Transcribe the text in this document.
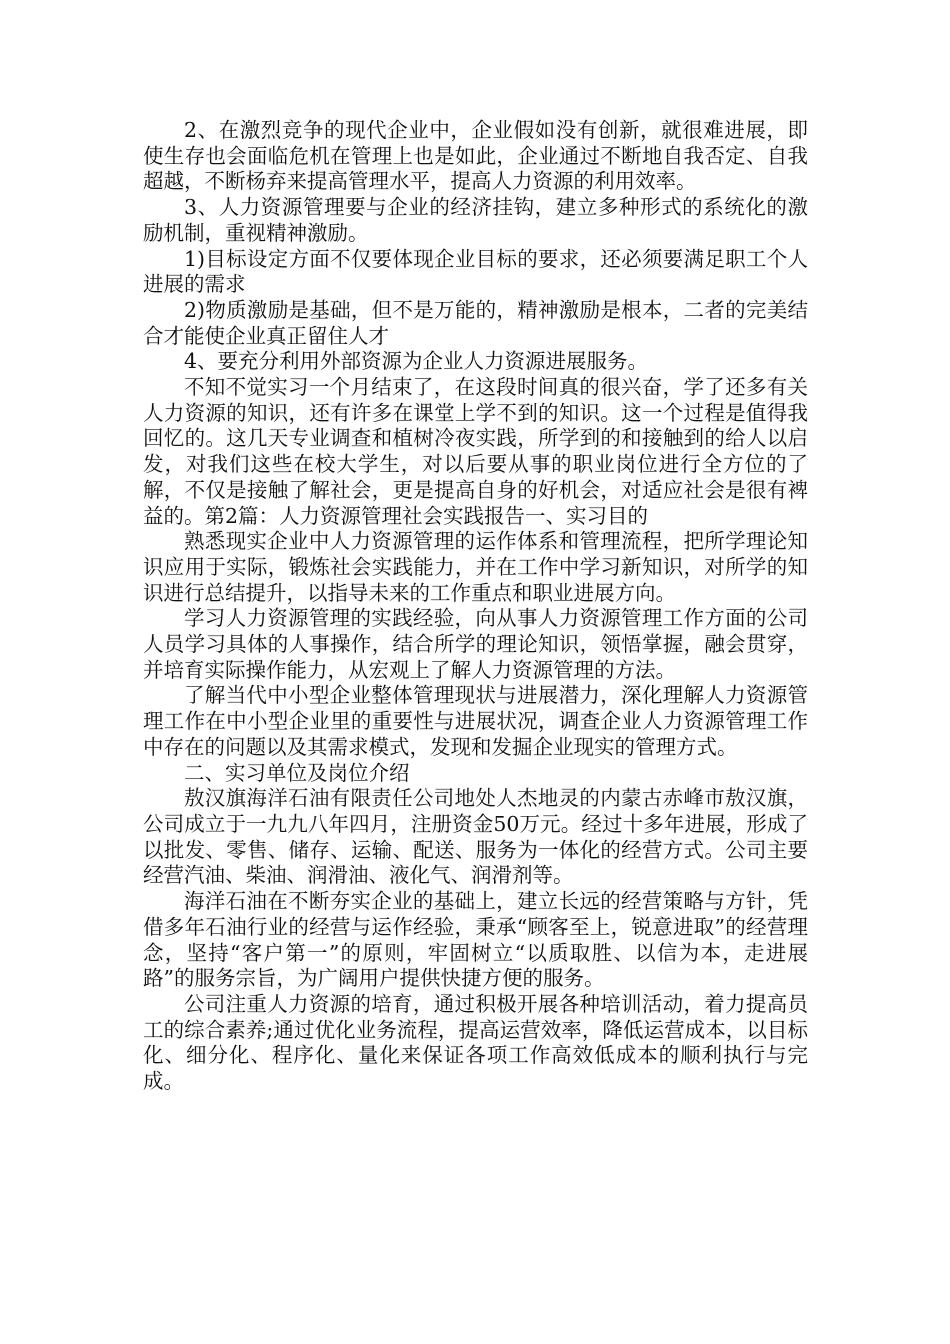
2、在激烈竞争的现代企业中，企业假如没有创新，就很难进展，即使生存也会面临危机在管理上也是如此，企业通过不断地自我否定、自我超越，不断杨弃来提高管理水平，提高人力资源的利用效率。

3、人力资源管理要与企业的经济挂钩，建立多种形式的系统化的激励机制，重视精神激励。

1)目标设定方面不仅要体现企业目标的要求，还必须要满足职工个人进展的需求

2)物质激励是基础，但不是万能的，精神激励是根本，二者的完美结合才能使企业真正留住人才

4、要充分利用外部资源为企业人力资源进展服务。

不知不觉实习一个月结束了，在这段时间真的很兴奋，学了还多有关人力资源的知识，还有许多在课堂上学不到的知识。这一个过程是值得我回忆的。这几天专业调查和植树冷夜实践，所学到的和接触到的给人以启发，对我们这些在校大学生，对以后要从事的职业岗位进行全方位的了解，不仅是接触了解社会，更是提高自身的好机会，对适应社会是很有裨益的。第2篇：人力资源管理社会实践报告一、实习目的

熟悉现实企业中人力资源管理的运作体系和管理流程，把所学理论知识应用于实际，锻炼社会实践能力，并在工作中学习新知识，对所学的知识进行总结提升，以指导未来的工作重点和职业进展方向。

学习人力资源管理的实践经验，向从事人力资源管理工作方面的公司人员学习具体的人事操作，结合所学的理论知识，领悟掌握，融会贯穿，并培育实际操作能力，从宏观上了解人力资源管理的方法。

了解当代中小型企业整体管理现状与进展潜力，深化理解人力资源管理工作在中小型企业里的重要性与进展状况，调查企业人力资源管理工作中存在的问题以及其需求模式，发现和发掘企业现实的管理方式。

二、实习单位及岗位介绍

敖汉旗海洋石油有限责任公司地处人杰地灵的内蒙古赤峰市敖汉旗，公司成立于一九九八年四月，注册资金50万元。经过十多年进展，形成了以批发、零售、储存、运输、配送、服务为一体化的经营方式。公司主要经营汽油、柴油、润滑油、液化气、润滑剂等。

海洋石油在不断夯实企业的基础上，建立长远的经营策略与方针，凭借多年石油行业的经营与运作经验，秉承“顾客至上，锐意进取”的经营理念，坚持“客户第一”的原则，牢固树立“以质取胜、以信为本，走进展路”的服务宗旨，为广阔用户提供快捷方便的服务。

公司注重人力资源的培育，通过积极开展各种培训活动，着力提高员工的综合素养;通过优化业务流程，提高运营效率，降低运营成本，以目标化、细分化、程序化、量化来保证各项工作高效低成本的顺利执行与完成。
